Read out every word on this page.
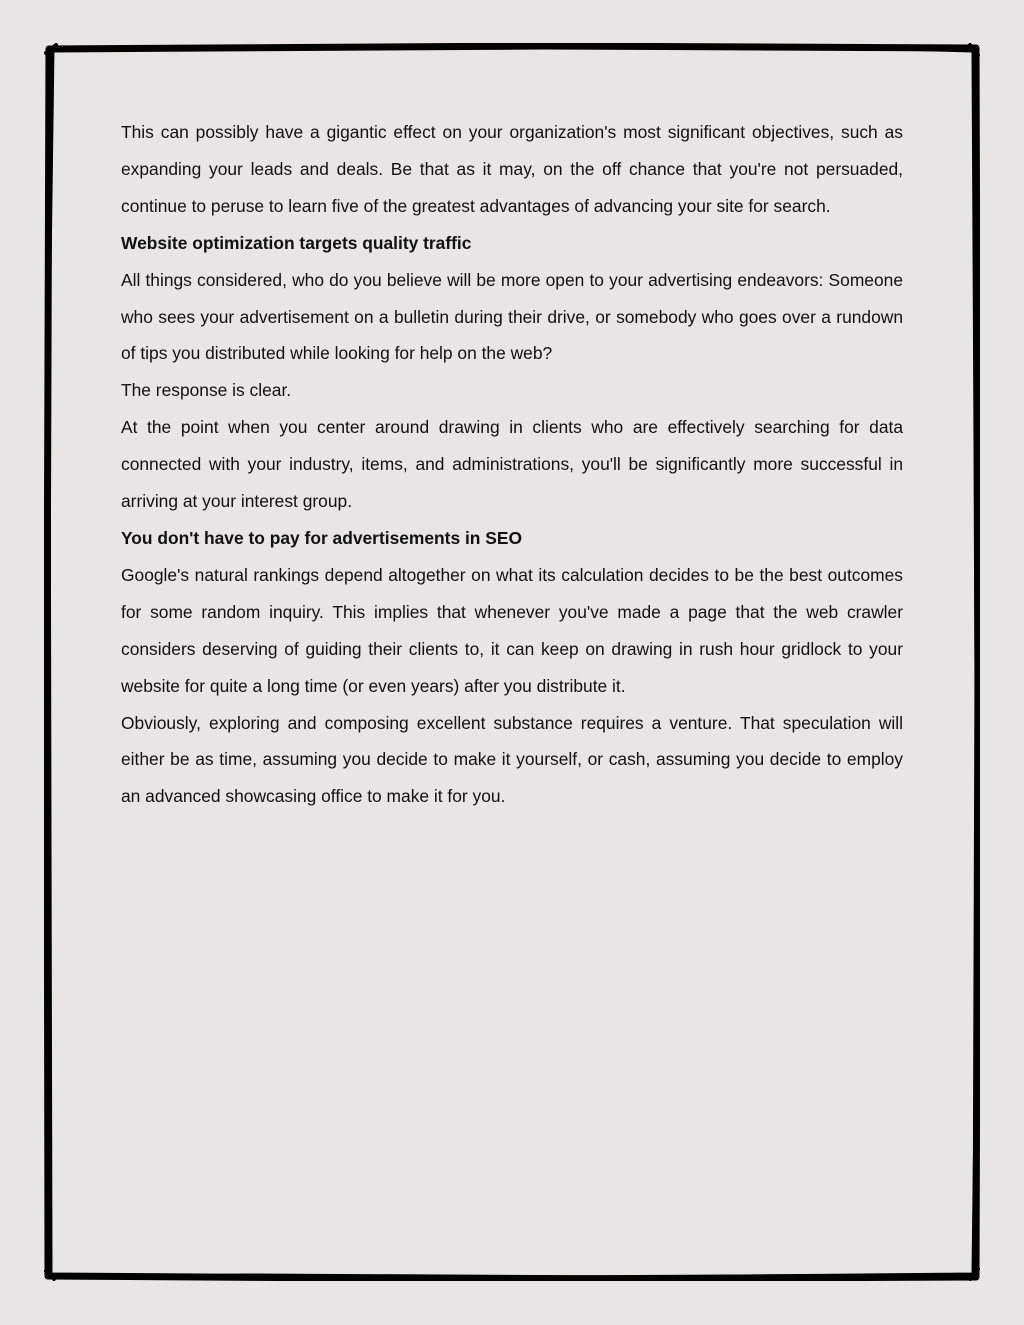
This can possibly have a gigantic effect on your organization's most significant objectives, such as expanding your leads and deals. Be that as it may, on the off chance that you're not persuaded, continue to peruse to learn five of the greatest advantages of advancing your site for search.

Website optimization targets quality traffic

All things considered, who do you believe will be more open to your advertising endeavors: Someone who sees your advertisement on a bulletin during their drive, or somebody who goes over a rundown of tips you distributed while looking for help on the web?

The response is clear.

At the point when you center around drawing in clients who are effectively searching for data connected with your industry, items, and administrations, you'll be significantly more successful in arriving at your interest group.

You don't have to pay for advertisements in SEO

Google's natural rankings depend altogether on what its calculation decides to be the best outcomes for some random inquiry. This implies that whenever you've made a page that the web crawler considers deserving of guiding their clients to, it can keep on drawing in rush hour gridlock to your website for quite a long time (or even years) after you distribute it.

Obviously, exploring and composing excellent substance requires a venture. That speculation will either be as time, assuming you decide to make it yourself, or cash, assuming you decide to employ an advanced showcasing office to make it for you.
